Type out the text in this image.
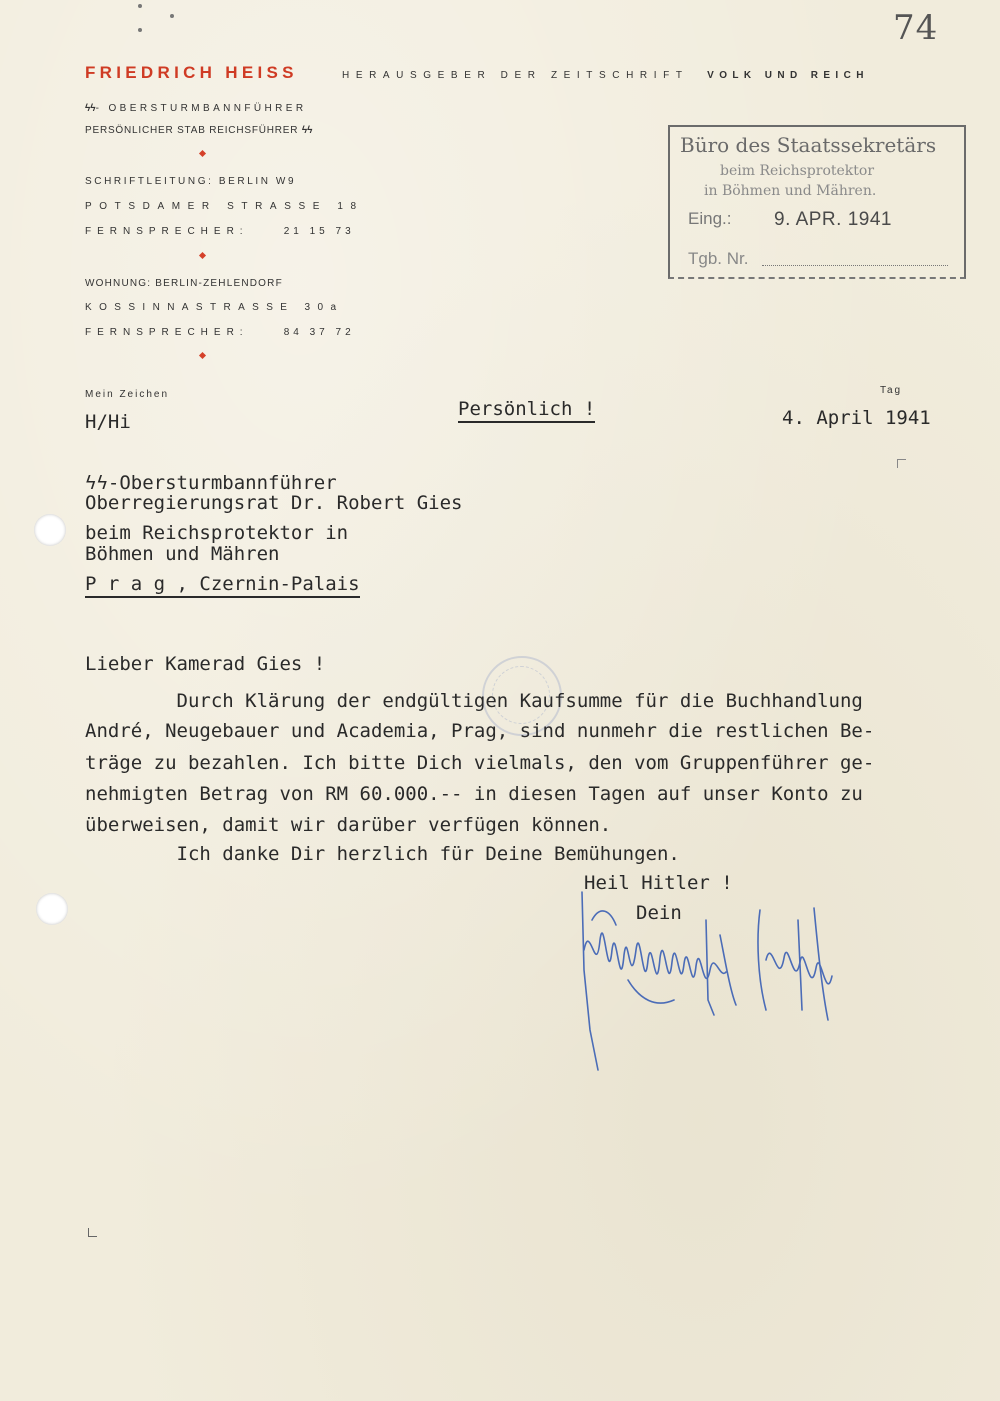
74
FRIEDRICH HEISS	HERAUSGEBER DER ZEITSCHRIFT VOLK UND REICH
ϟϟ- OBERSTURMBANNFÜHRER
PERSÖNLICHER STAB REICHSFÜHRER ϟϟ
SCHRIFTLEITUNG: BERLIN W9
POTSDAMER STRASSE 18
FERNSPRECHER:	21 15 73
WOHNUNG: BERLIN-ZEHLENDORF
KOSSINNASTRASSE 30a
FERNSPRECHER:	84 37 72
Büro des Staatssekretärs
beim Reichsprotektor
in Böhmen und Mähren.
Eing.: 9. APR. 1941
Tgb. Nr.
Mein Zeichen
H/Hi
Persönlich !
Tag
4. April 1941
ϟϟ-Obersturmbannführer
Oberregierungsrat Dr. Robert Gies
beim Reichsprotektor in
Böhmen und Mähren
P r a g , Czernin-Palais
Lieber Kamerad Gies !
Durch Klärung der endgültigen Kaufsumme für die Buchhandlung
André, Neugebauer und Academia, Prag, sind nunmehr die restlichen Be-
träge zu bezahlen. Ich bitte Dich vielmals, den vom Gruppenführer ge-
nehmigten Betrag von RM 60.000.-- in diesen Tagen auf unser Konto zu
überweisen, damit wir darüber verfügen können.
Ich danke Dir herzlich für Deine Bemühungen.
Heil Hitler !
Dein
